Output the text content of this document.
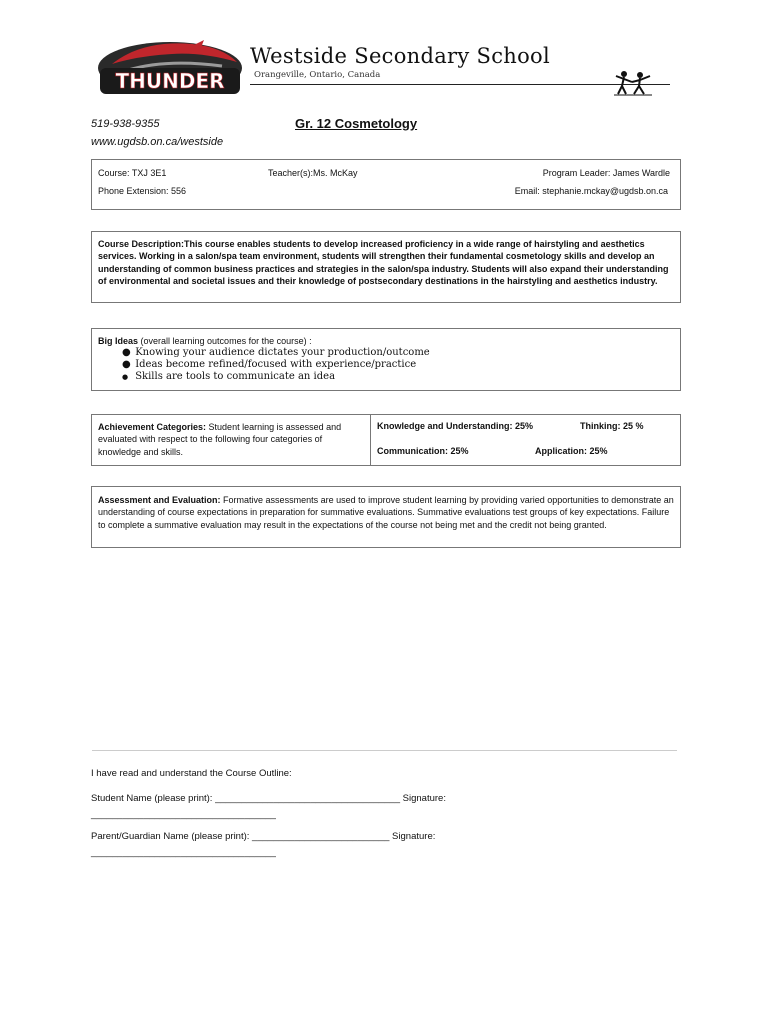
THUNDER
Westside Secondary School
Orangeville, Ontario, Canada
519-938-9355
www.ugdsb.on.ca/westside
Gr. 12 Cosmetology
Course: TXJ 3E1	Teacher(s):Ms. McKay	Program Leader: James Wardle
Phone Extension: 556	Email: stephanie.mckay@ugdsb.on.ca
Course Description:This course enables students to develop increased proficiency in a wide range of hairstyling and aesthetics services. Working in a salon/spa team environment, students will strengthen their fundamental cosmetology skills and develop an understanding of common business practices and strategies in the salon/spa industry. Students will also expand their understanding of environmental and societal issues and their knowledge of postsecondary destinations in the hairstyling and aesthetics industry.
Big Ideas (overall learning outcomes for the course) :
● Knowing your audience dictates your production/outcome
● Ideas become refined/focused with experience/practice
● Skills are tools to communicate an idea
Achievement Categories: Student learning is assessed and evaluated with respect to the following four categories of knowledge and skills.
Knowledge and Understanding: 25%	Thinking: 25 %
Communication: 25%	Application: 25%
Assessment and Evaluation: Formative assessments are used to improve student learning by providing varied opportunities to demonstrate an understanding of course expectations in preparation for summative evaluations. Summative evaluations test groups of key expectations. Failure to complete a summative evaluation may result in the expectations of the course not being met and the credit not being granted.
I have read and understand the Course Outline:
Student Name (please print): ___________________________________ Signature:
___________________________________
Parent/Guardian Name (please print): __________________________ Signature:
___________________________________
